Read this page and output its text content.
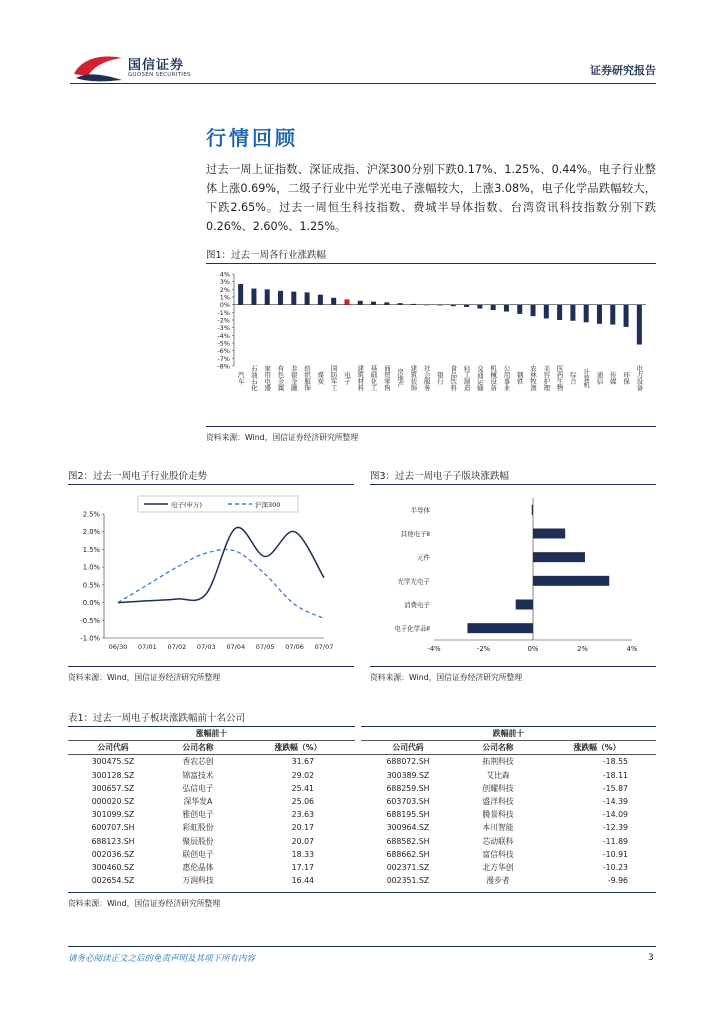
国信证券
GUOSEN SECURITIES	证券研究报告
行情回顾
过去一周上证指数、深证成指、沪深300分别下跌0.17%、1.25%、0.44%。电子行业整体上涨0.69%，二级子行业中光学光电子涨幅较大，上涨3.08%，电子化学品跌幅较大，下跌2.65%。过去一周恒生科技指数、费城半导体指数、台湾资讯科技指数分别下跌0.26%、2.60%、1.25%。
图1：过去一周各行业涨跌幅
4%
3%
2%
1%
0%
-1%
-2%
-3%
-4%
-5%
-6%
-7%
-8%
汽车 石油石化 家用电器 有色金属 非银金融 纺织服饰 煤炭 国防军工 电子 建筑材料 基础化工 商贸零售 房地产 建筑装饰 社会服务 银行 食品饮料 轻工制造 交通运输 机械设备 公用事业 钢铁 农林牧渔 美容护理 医药生物 综合 计算机 通信 传媒 环保 电力设备
资料来源：Wind，国信证券经济研究所整理
图2：过去一周电子行业股价走势
电子(申万)	沪深300
2.5%
2.0%
1.5%
1.0%
0.5%
0.0%
-0.5%
-1.0%
06/30 07/01 07/02 07/03 07/04 07/05 07/06 07/07
资料来源：Wind，国信证券经济研究所整理
图3：过去一周电子子版块涨跌幅
-4%	-2%	0%	2%	4%
半导体
其他电子Ⅱ
元件
光学光电子
消费电子
电子化学品Ⅱ
资料来源：Wind，国信证券经济研究所整理
表1：过去一周电子板块涨跌幅前十名公司
涨幅前十			跌幅前十		
公司代码	公司名称	涨跌幅（%）	公司代码	公司名称	涨跌幅（%）
300475.SZ	香农芯创	31.67	688072.SH	拓荆科技	-18.55
300128.SZ	锦富技术	29.02	300389.SZ	艾比森	-18.11
300657.SZ	弘信电子	25.41	688259.SH	创耀科技	-15.87
000020.SZ	深华发A	25.06	603703.SH	盛洋科技	-14.39
301099.SZ	雅创电子	23.63	688195.SH	腾景科技	-14.09
600707.SH	彩虹股份	20.17	300964.SZ	本川智能	-12.39
688123.SH	聚辰股份	20.07	688582.SH	芯动联科	-11.89
002036.SZ	联创电子	18.33	688662.SH	富信科技	-10.91
300460.SZ	惠伦晶体	17.17	002371.SZ	北方华创	-10.23
002654.SZ	万润科技	16.44	002351.SZ	漫步者	-9.96
资料来源：Wind，国信证券经济研究所整理
请务必阅读正文之后的免责声明及其项下所有内容	3
